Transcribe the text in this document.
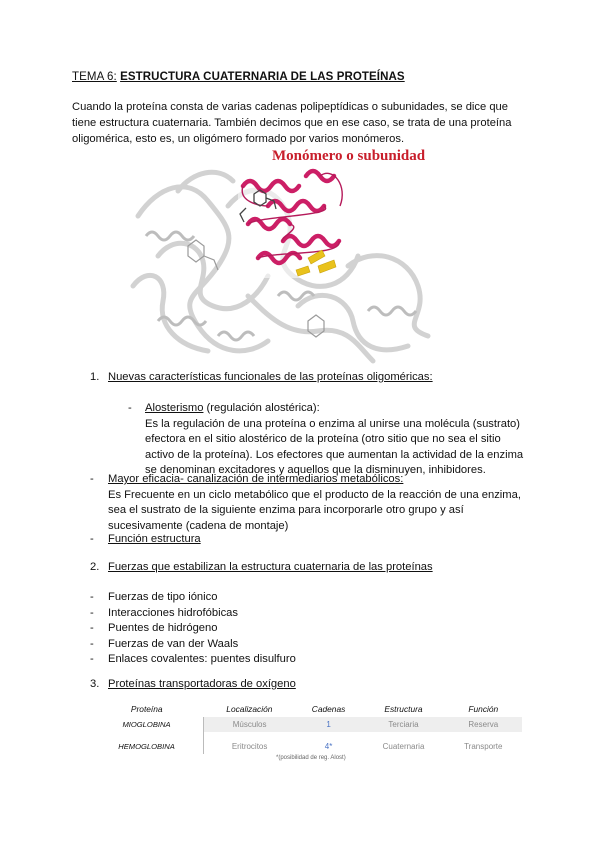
TEMA 6: ESTRUCTURA CUATERNARIA DE LAS PROTEÍNAS
Cuando la proteína consta de varias cadenas polipeptídicas o subunidades, se dice que tiene estructura cuaternaria. También decimos que en ese caso, se trata de una proteína oligomérica, esto es, un oligómero formado por varios monómeros.
Monómero o subunidad
1. Nuevas características funcionales de las proteínas oligoméricas:
- Alosterismo (regulación alostérica):
Es la regulación de una proteína o enzima al unirse una molécula (sustrato)
efectora en el sitio alostérico de la proteína (otro sitio que no sea el sitio
activo de la proteína). Los efectores que aumentan la actividad de la enzima
se denominan excitadores y aquellos que la disminuyen, inhibidores.
- Mayor eficacia- canalización de intermediarios metabólicos:
Es Frecuente en un ciclo metabólico que el producto de la reacción de una enzima,
sea el sustrato de la siguiente enzima para incorporarle otro grupo y así
sucesivamente (cadena de montaje)
- Función estructura
2. Fuerzas que estabilizan la estructura cuaternaria de las proteínas
- Fuerzas de tipo iónico
- Interacciones hidrofóbicas
- Puentes de hidrógeno
- Fuerzas de van der Waals
- Enlaces covalentes: puentes disulfuro
3. Proteínas transportadoras de oxígeno
Proteína	Localización	Cadenas	Estructura	Función
MIOGLOBINA	Músculos	1	Terciaria	Reserva
HEMOGLOBINA	Eritrocitos	4*	Cuaternaria	Transporte
*(posibilidad de reg. Alost)
